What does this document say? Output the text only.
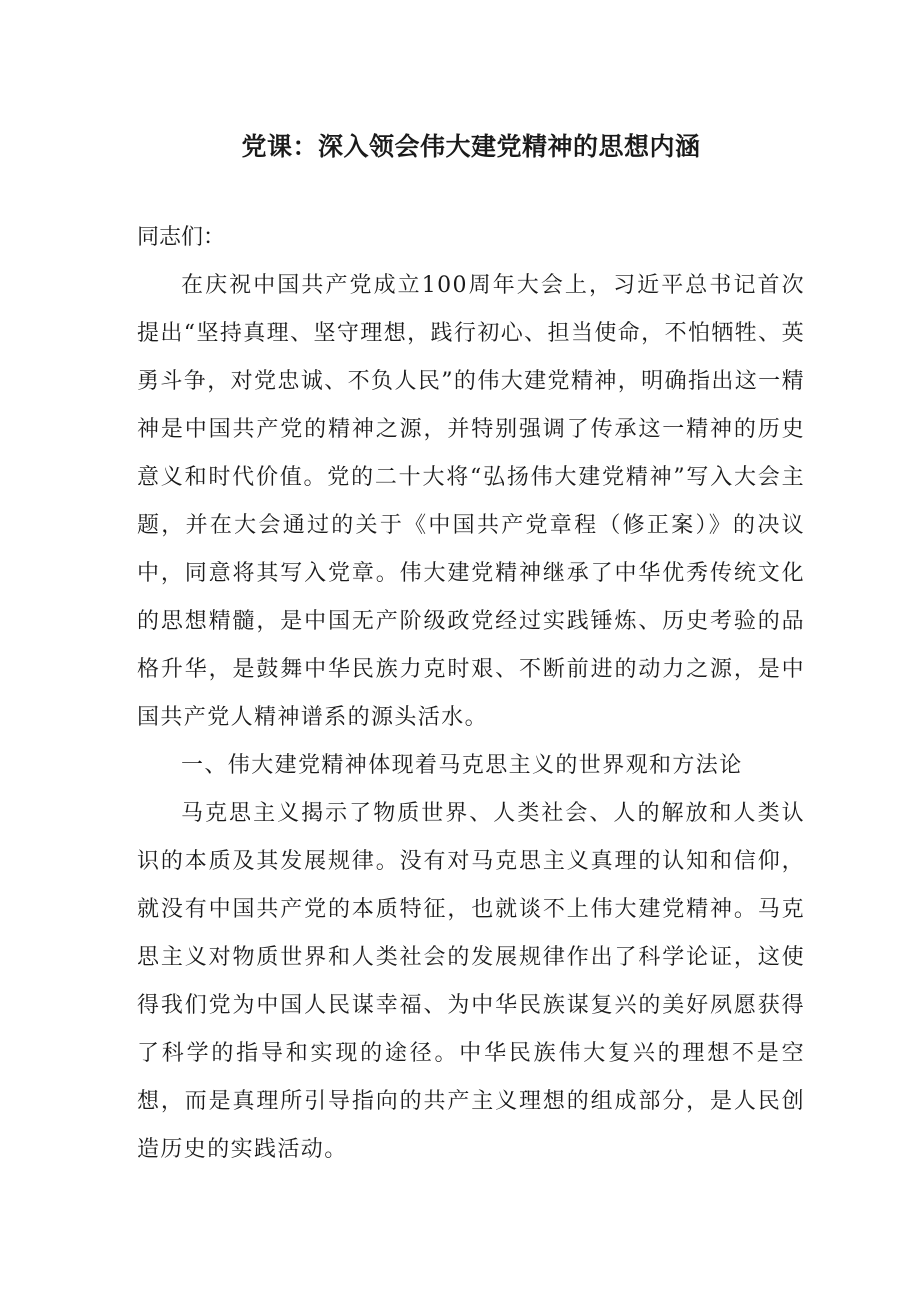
党课：深入领会伟大建党精神的思想内涵

同志们：

在庆祝中国共产党成立100周年大会上，习近平总书记首次提出“坚持真理、坚守理想，践行初心、担当使命，不怕牺牲、英勇斗争，对党忠诚、不负人民”的伟大建党精神，明确指出这一精神是中国共产党的精神之源，并特别强调了传承这一精神的历史意义和时代价值。党的二十大将“弘扬伟大建党精神”写入大会主题，并在大会通过的关于《中国共产党章程（修正案）》的决议中，同意将其写入党章。伟大建党精神继承了中华优秀传统文化的思想精髓，是中国无产阶级政党经过实践锤炼、历史考验的品格升华，是鼓舞中华民族力克时艰、不断前进的动力之源，是中国共产党人精神谱系的源头活水。

一、伟大建党精神体现着马克思主义的世界观和方法论

马克思主义揭示了物质世界、人类社会、人的解放和人类认识的本质及其发展规律。没有对马克思主义真理的认知和信仰，就没有中国共产党的本质特征，也就谈不上伟大建党精神。马克思主义对物质世界和人类社会的发展规律作出了科学论证，这使得我们党为中国人民谋幸福、为中华民族谋复兴的美好夙愿获得了科学的指导和实现的途径。中华民族伟大复兴的理想不是空想，而是真理所引导指向的共产主义理想的组成部分，是人民创造历史的实践活动。
